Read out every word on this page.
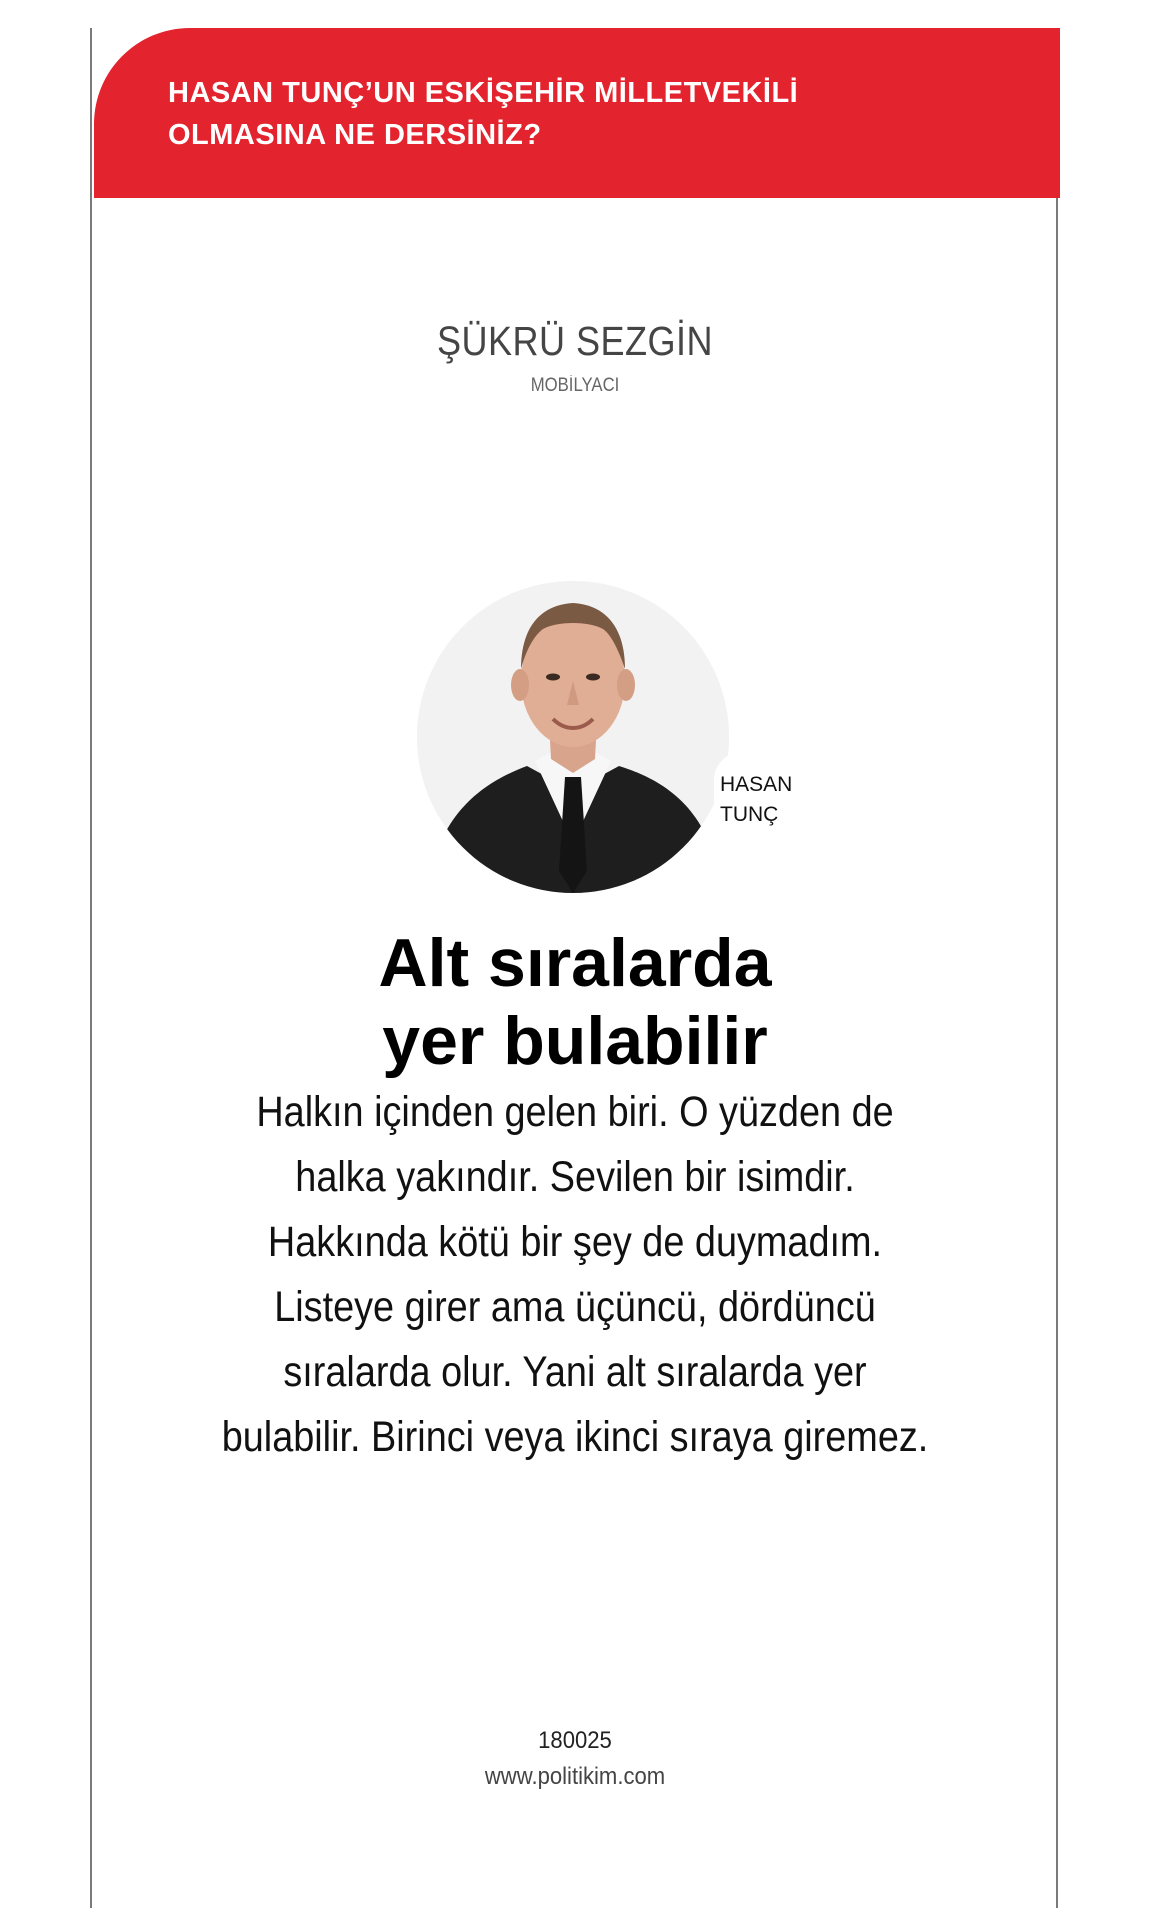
HASAN TUNÇ’UN ESKİŞEHİR MİLLETVEKİLİ
OLMASINA NE DERSİNİZ?

ŞÜKRÜ SEZGİN
MOBİLYACI

HASAN
TUNÇ

Alt sıralarda
yer bulabilir

Halkın içinden gelen biri. O yüzden de halka yakındır. Sevilen bir isimdir. Hakkında kötü bir şey de duymadım. Listeye girer ama üçüncü, dördüncü sıralarda olur. Yani alt sıralarda yer bulabilir. Birinci veya ikinci sıraya giremez.

180025
www.politikim.com
